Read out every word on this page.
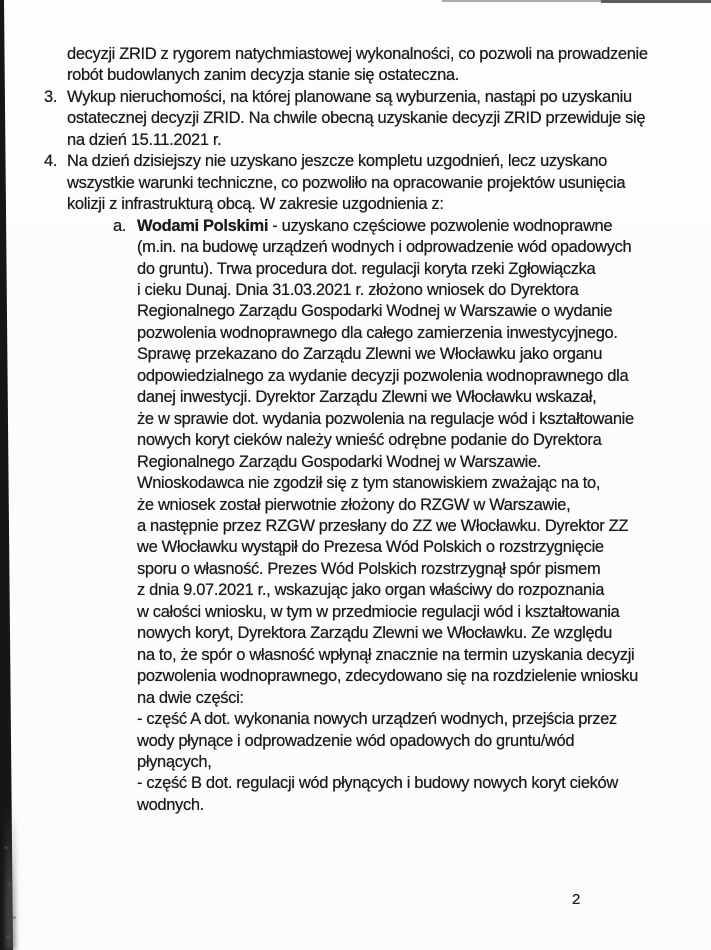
decyzji ZRID z rygorem natychmiastowej wykonalności, co pozwoli na prowadzenie
robót budowlanych zanim decyzja stanie się ostateczna.
3. Wykup nieruchomości, na której planowane są wyburzenia, nastąpi po uzyskaniu
ostatecznej decyzji ZRID. Na chwile obecną uzyskanie decyzji ZRID przewiduje się
na dzień 15.11.2021 r.
4. Na dzień dzisiejszy nie uzyskano jeszcze kompletu uzgodnień, lecz uzyskano
wszystkie warunki techniczne, co pozwoliło na opracowanie projektów usunięcia
kolizji z infrastrukturą obcą. W zakresie uzgodnienia z:
a. Wodami Polskimi - uzyskano częściowe pozwolenie wodnoprawne
(m.in. na budowę urządzeń wodnych i odprowadzenie wód opadowych
do gruntu). Trwa procedura dot. regulacji koryta rzeki Zgłowiączka
i cieku Dunaj. Dnia 31.03.2021 r. złożono wniosek do Dyrektora
Regionalnego Zarządu Gospodarki Wodnej w Warszawie o wydanie
pozwolenia wodnoprawnego dla całego zamierzenia inwestycyjnego.
Sprawę przekazano do Zarządu Zlewni we Włocławku jako organu
odpowiedzialnego za wydanie decyzji pozwolenia wodnoprawnego dla
danej inwestycji. Dyrektor Zarządu Zlewni we Włocławku wskazał,
że w sprawie dot. wydania pozwolenia na regulacje wód i kształtowanie
nowych koryt cieków należy wnieść odrębne podanie do Dyrektora
Regionalnego Zarządu Gospodarki Wodnej w Warszawie.
Wnioskodawca nie zgodził się z tym stanowiskiem zważając na to,
że wniosek został pierwotnie złożony do RZGW w Warszawie,
a następnie przez RZGW przesłany do ZZ we Włocławku. Dyrektor ZZ
we Włocławku wystąpił do Prezesa Wód Polskich o rozstrzygnięcie
sporu o własność. Prezes Wód Polskich rozstrzygnął spór pismem
z dnia 9.07.2021 r., wskazując jako organ właściwy do rozpoznania
w całości wniosku, w tym w przedmiocie regulacji wód i kształtowania
nowych koryt, Dyrektora Zarządu Zlewni we Włocławku. Ze względu
na to, że spór o własność wpłynął znacznie na termin uzyskania decyzji
pozwolenia wodnoprawnego, zdecydowano się na rozdzielenie wniosku
na dwie części:
- część A dot. wykonania nowych urządzeń wodnych, przejścia przez
wody płynące i odprowadzenie wód opadowych do gruntu/wód
płynących,
- część B dot. regulacji wód płynących i budowy nowych koryt cieków
wodnych.
2
